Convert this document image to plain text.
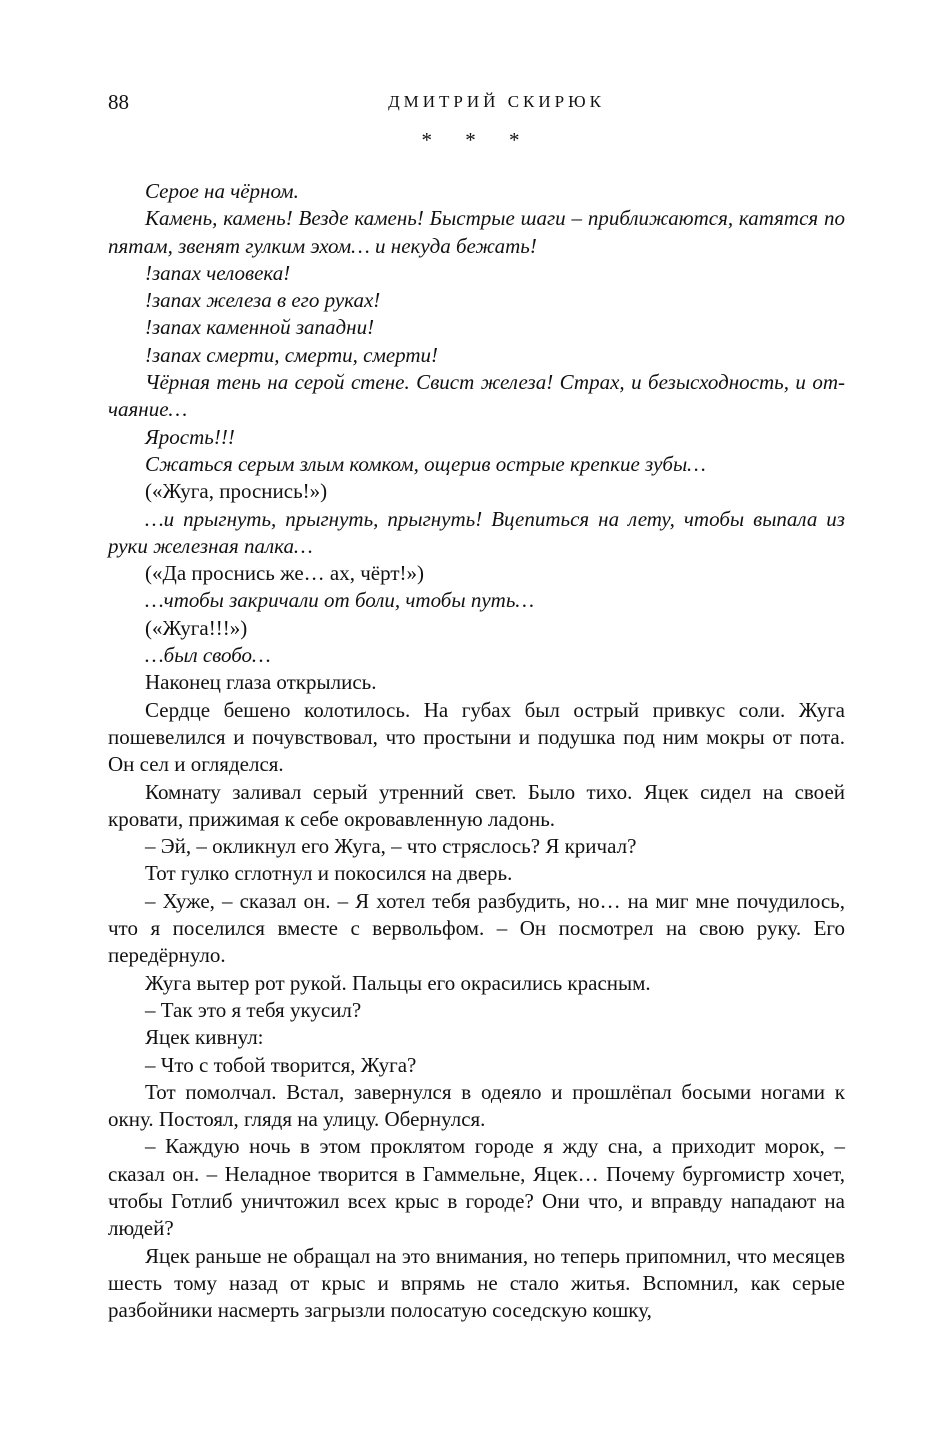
88	ДМИТРИЙ СКИРЮК
* * *

Серое на чёрном.

Камень, камень! Везде камень! Быстрые шаги – приближаются, катятся по пятам, звенят гулким эхом… и некуда бежать!

!запах человека!

!запах железа в его руках!

!запах каменной западни!

!запах смерти, смерти, смерти!

Чёрная тень на серой стене. Свист железа! Страх, и безысходность, и отчаяние…

Ярость!!!

Сжаться серым злым комком, ощерив острые крепкие зубы…

(«Жуга, проснись!»)

…и прыгнуть, прыгнуть, прыгнуть! Вцепиться на лету, чтобы выпала из руки железная палка…

(«Да проснись же… ах, чёрт!»)

…чтобы закричали от боли, чтобы путь…

(«Жуга!!!»)

…был свобо…

Наконец глаза открылись.

Сердце бешено колотилось. На губах был острый привкус соли. Жуга пошевелился и почувствовал, что простыни и подушка под ним мокры от пота. Он сел и огляделся.

Комнату заливал серый утренний свет. Было тихо. Яцек сидел на своей кровати, прижимая к себе окровавленную ладонь.

– Эй, – окликнул его Жуга, – что стряслось? Я кричал?

Тот гулко сглотнул и покосился на дверь.

– Хуже, – сказал он. – Я хотел тебя разбудить, но… на миг мне почудилось, что я поселился вместе с вервольфом. – Он посмотрел на свою руку. Его передёрнуло.

Жуга вытер рот рукой. Пальцы его окрасились красным.

– Так это я тебя укусил?

Яцек кивнул:

– Что с тобой творится, Жуга?

Тот помолчал. Встал, завернулся в одеяло и прошлёпал босыми ногами к окну. Постоял, глядя на улицу. Обернулся.

– Каждую ночь в этом проклятом городе я жду сна, а приходит морок, – сказал он. – Неладное творится в Гаммельне, Яцек… Почему бургомистр хочет, чтобы Готлиб уничтожил всех крыс в городе? Они что, и вправду нападают на людей?

Яцек раньше не обращал на это внимания, но теперь припомнил, что месяцев шесть тому назад от крыс и впрямь не стало житья. Вспомнил, как серые разбойники насмерть загрызли полосатую соседскую кошку,
